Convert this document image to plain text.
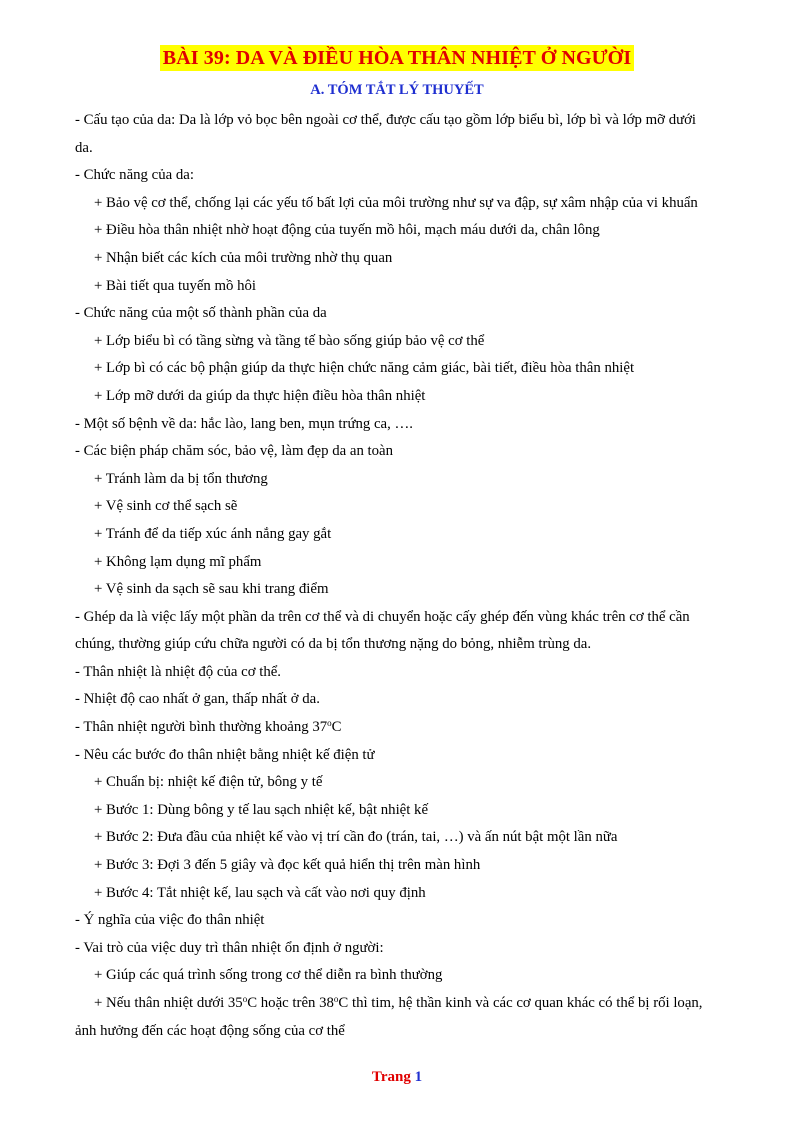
BÀI 39: DA VÀ ĐIỀU HÒA THÂN NHIỆT Ở NGƯỜI
A. TÓM TẮT LÝ THUYẾT
- Cấu tạo của da: Da là lớp vỏ bọc bên ngoài cơ thể, được cấu tạo gồm lớp biểu bì, lớp bì và lớp mỡ dưới
da.
- Chức năng của da:
+ Bảo vệ cơ thể, chống lại các yếu tố bất lợi của môi trường như sự va đập, sự xâm nhập của vi khuẩn
+ Điều hòa thân nhiệt nhờ hoạt động của tuyến mồ hôi, mạch máu dưới da, chân lông
+ Nhận biết các kích của môi trường nhờ thụ quan
+ Bài tiết qua tuyến mồ hôi
- Chức năng của một số thành phần của da
+ Lớp biểu bì có tầng sừng và tầng tế bào sống giúp bảo vệ cơ thể
+ Lớp bì có các bộ phận giúp da thực hiện chức năng cảm giác, bài tiết, điều hòa thân nhiệt
+ Lớp mỡ dưới da giúp da thực hiện điều hòa thân nhiệt
- Một số bệnh về da: hắc lào, lang ben, mụn trứng ca, ….
- Các biện pháp chăm sóc, bảo vệ, làm đẹp da an toàn
+ Tránh làm da bị tổn thương
+ Vệ sinh cơ thể sạch sẽ
+ Tránh để da tiếp xúc ánh nắng gay gắt
+ Không lạm dụng mĩ phẩm
+ Vệ sinh da sạch sẽ sau khi trang điểm
- Ghép da là việc lấy một phần da trên cơ thể và di chuyển hoặc cấy ghép đến vùng khác trên cơ thể cần
chúng, thường giúp cứu chữa người có da bị tổn thương nặng do bỏng, nhiễm trùng da.
- Thân nhiệt là nhiệt độ của cơ thể.
- Nhiệt độ cao nhất ở gan, thấp nhất ở da.
- Thân nhiệt người bình thường khoảng 37$^o$C
- Nêu các bước đo thân nhiệt bằng nhiệt kế điện tử
+ Chuẩn bị: nhiệt kế điện tử, bông y tế
+ Bước 1: Dùng bông y tế lau sạch nhiệt kế, bật nhiệt kế
+ Bước 2: Đưa đầu của nhiệt kế vào vị trí cần đo (trán, tai, …) và ấn nút bật một lần nữa
+ Bước 3: Đợi 3 đến 5 giây và đọc kết quả hiển thị trên màn hình
+ Bước 4: Tắt nhiệt kế, lau sạch và cất vào nơi quy định
- Ý nghĩa của việc đo thân nhiệt
- Vai trò của việc duy trì thân nhiệt ổn định ở người:
+ Giúp các quá trình sống trong cơ thể diễn ra bình thường
+ Nếu thân nhiệt dưới 35$^o$C hoặc trên 38$^o$C thì tim, hệ thần kinh và các cơ quan khác có thể bị rối loạn,
ảnh hưởng đến các hoạt động sống của cơ thể
Trang 1
